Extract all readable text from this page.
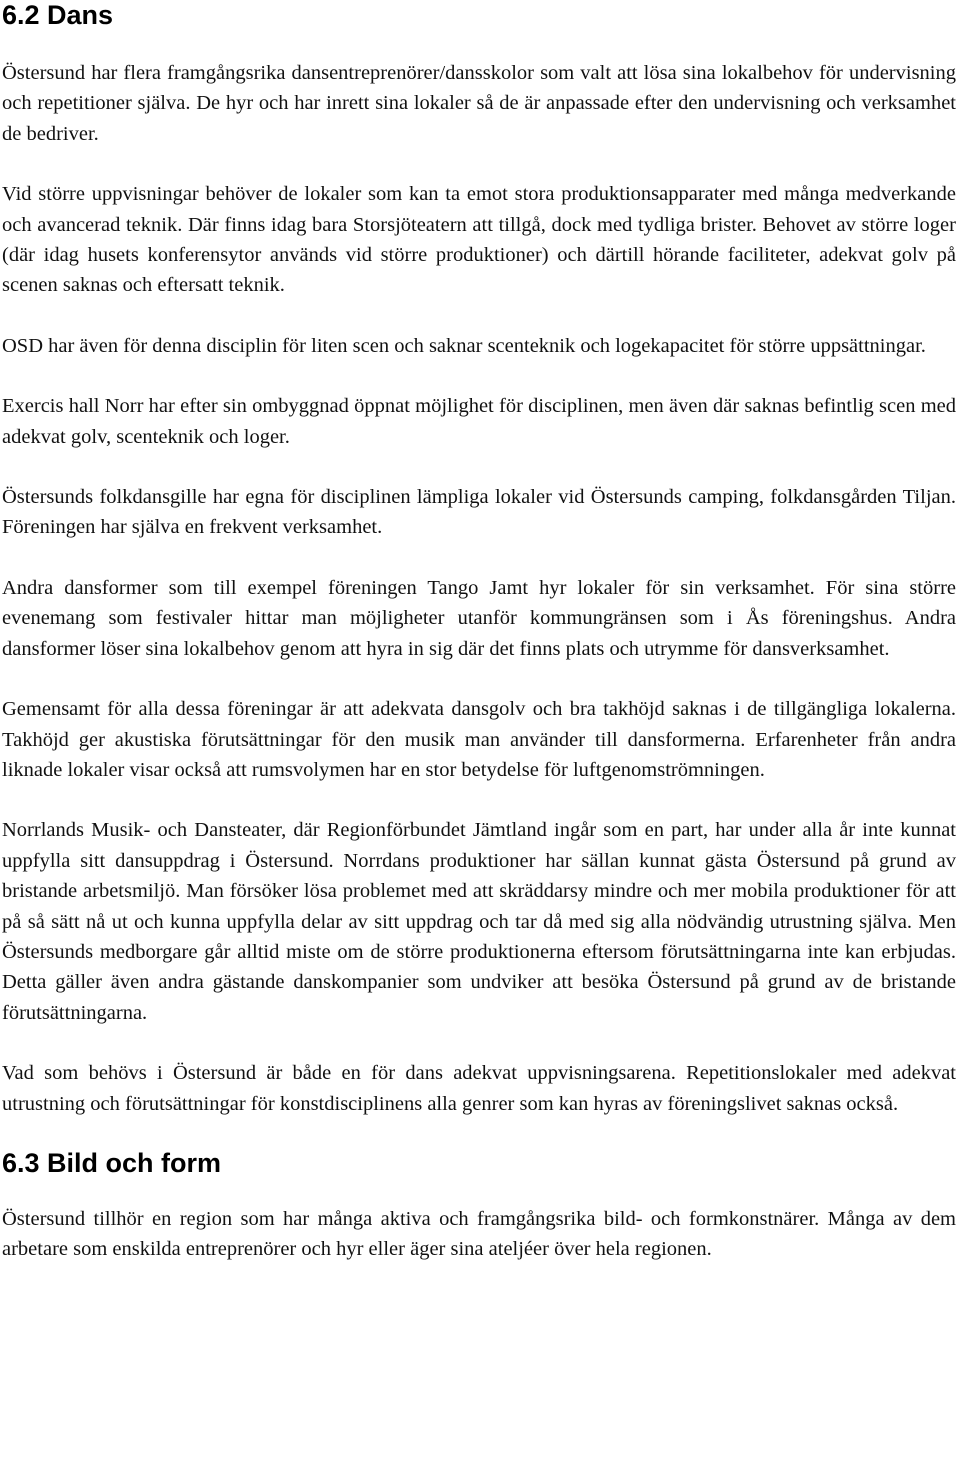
6.2 Dans

Östersund har flera framgångsrika dansentreprenörer/dansskolor som valt att lösa sina lokalbehov för undervisning och repetitioner själva. De hyr och har inrett sina lokaler så de är anpassade efter den undervisning och verksamhet de bedriver.

Vid större uppvisningar behöver de lokaler som kan ta emot stora produktionsapparater med många medverkande och avancerad teknik. Där finns idag bara Storsjöteatern att tillgå, dock med tydliga brister. Behovet av större loger (där idag husets konferensytor används vid större produktioner) och därtill hörande faciliteter, adekvat golv på scenen saknas och eftersatt teknik.

OSD har även för denna disciplin för liten scen och saknar scenteknik och logekapacitet för större uppsättningar.

Exercis hall Norr har efter sin ombyggnad öppnat möjlighet för disciplinen, men även där saknas befintlig scen med adekvat golv, scenteknik och loger.

Östersunds folkdansgille har egna för disciplinen lämpliga lokaler vid Östersunds camping, folkdansgården Tiljan. Föreningen har själva en frekvent verksamhet.

Andra dansformer som till exempel föreningen Tango Jamt hyr lokaler för sin verksamhet. För sina större evenemang som festivaler hittar man möjligheter utanför kommungränsen som i Ås föreningshus. Andra dansformer löser sina lokalbehov genom att hyra in sig där det finns plats och utrymme för dansverksamhet.

Gemensamt för alla dessa föreningar är att adekvata dansgolv och bra takhöjd saknas i de tillgängliga lokalerna. Takhöjd ger akustiska förutsättningar för den musik man använder till dansformerna. Erfarenheter från andra liknade lokaler visar också att rumsvolymen har en stor betydelse för luftgenomströmningen.

Norrlands Musik- och Dansteater, där Regionförbundet Jämtland ingår som en part, har under alla år inte kunnat uppfylla sitt dansuppdrag i Östersund. Norrdans produktioner har sällan kunnat gästa Östersund på grund av bristande arbetsmiljö. Man försöker lösa problemet med att skräddarsy mindre och mer mobila produktioner för att på så sätt nå ut och kunna uppfylla delar av sitt uppdrag och tar då med sig alla nödvändig utrustning själva. Men Östersunds medborgare går alltid miste om de större produktionerna eftersom förutsättningarna inte kan erbjudas. Detta gäller även andra gästande danskompanier som undviker att besöka Östersund på grund av de bristande förutsättningarna.

Vad som behövs i Östersund är både en för dans adekvat uppvisningsarena. Repetitionslokaler med adekvat utrustning och förutsättningar för konstdisciplinens alla genrer som kan hyras av föreningslivet saknas också.

6.3 Bild och form

Östersund tillhör en region som har många aktiva och framgångsrika bild- och formkonstnärer. Många av dem arbetare som enskilda entreprenörer och hyr eller äger sina ateljéer över hela regionen.
